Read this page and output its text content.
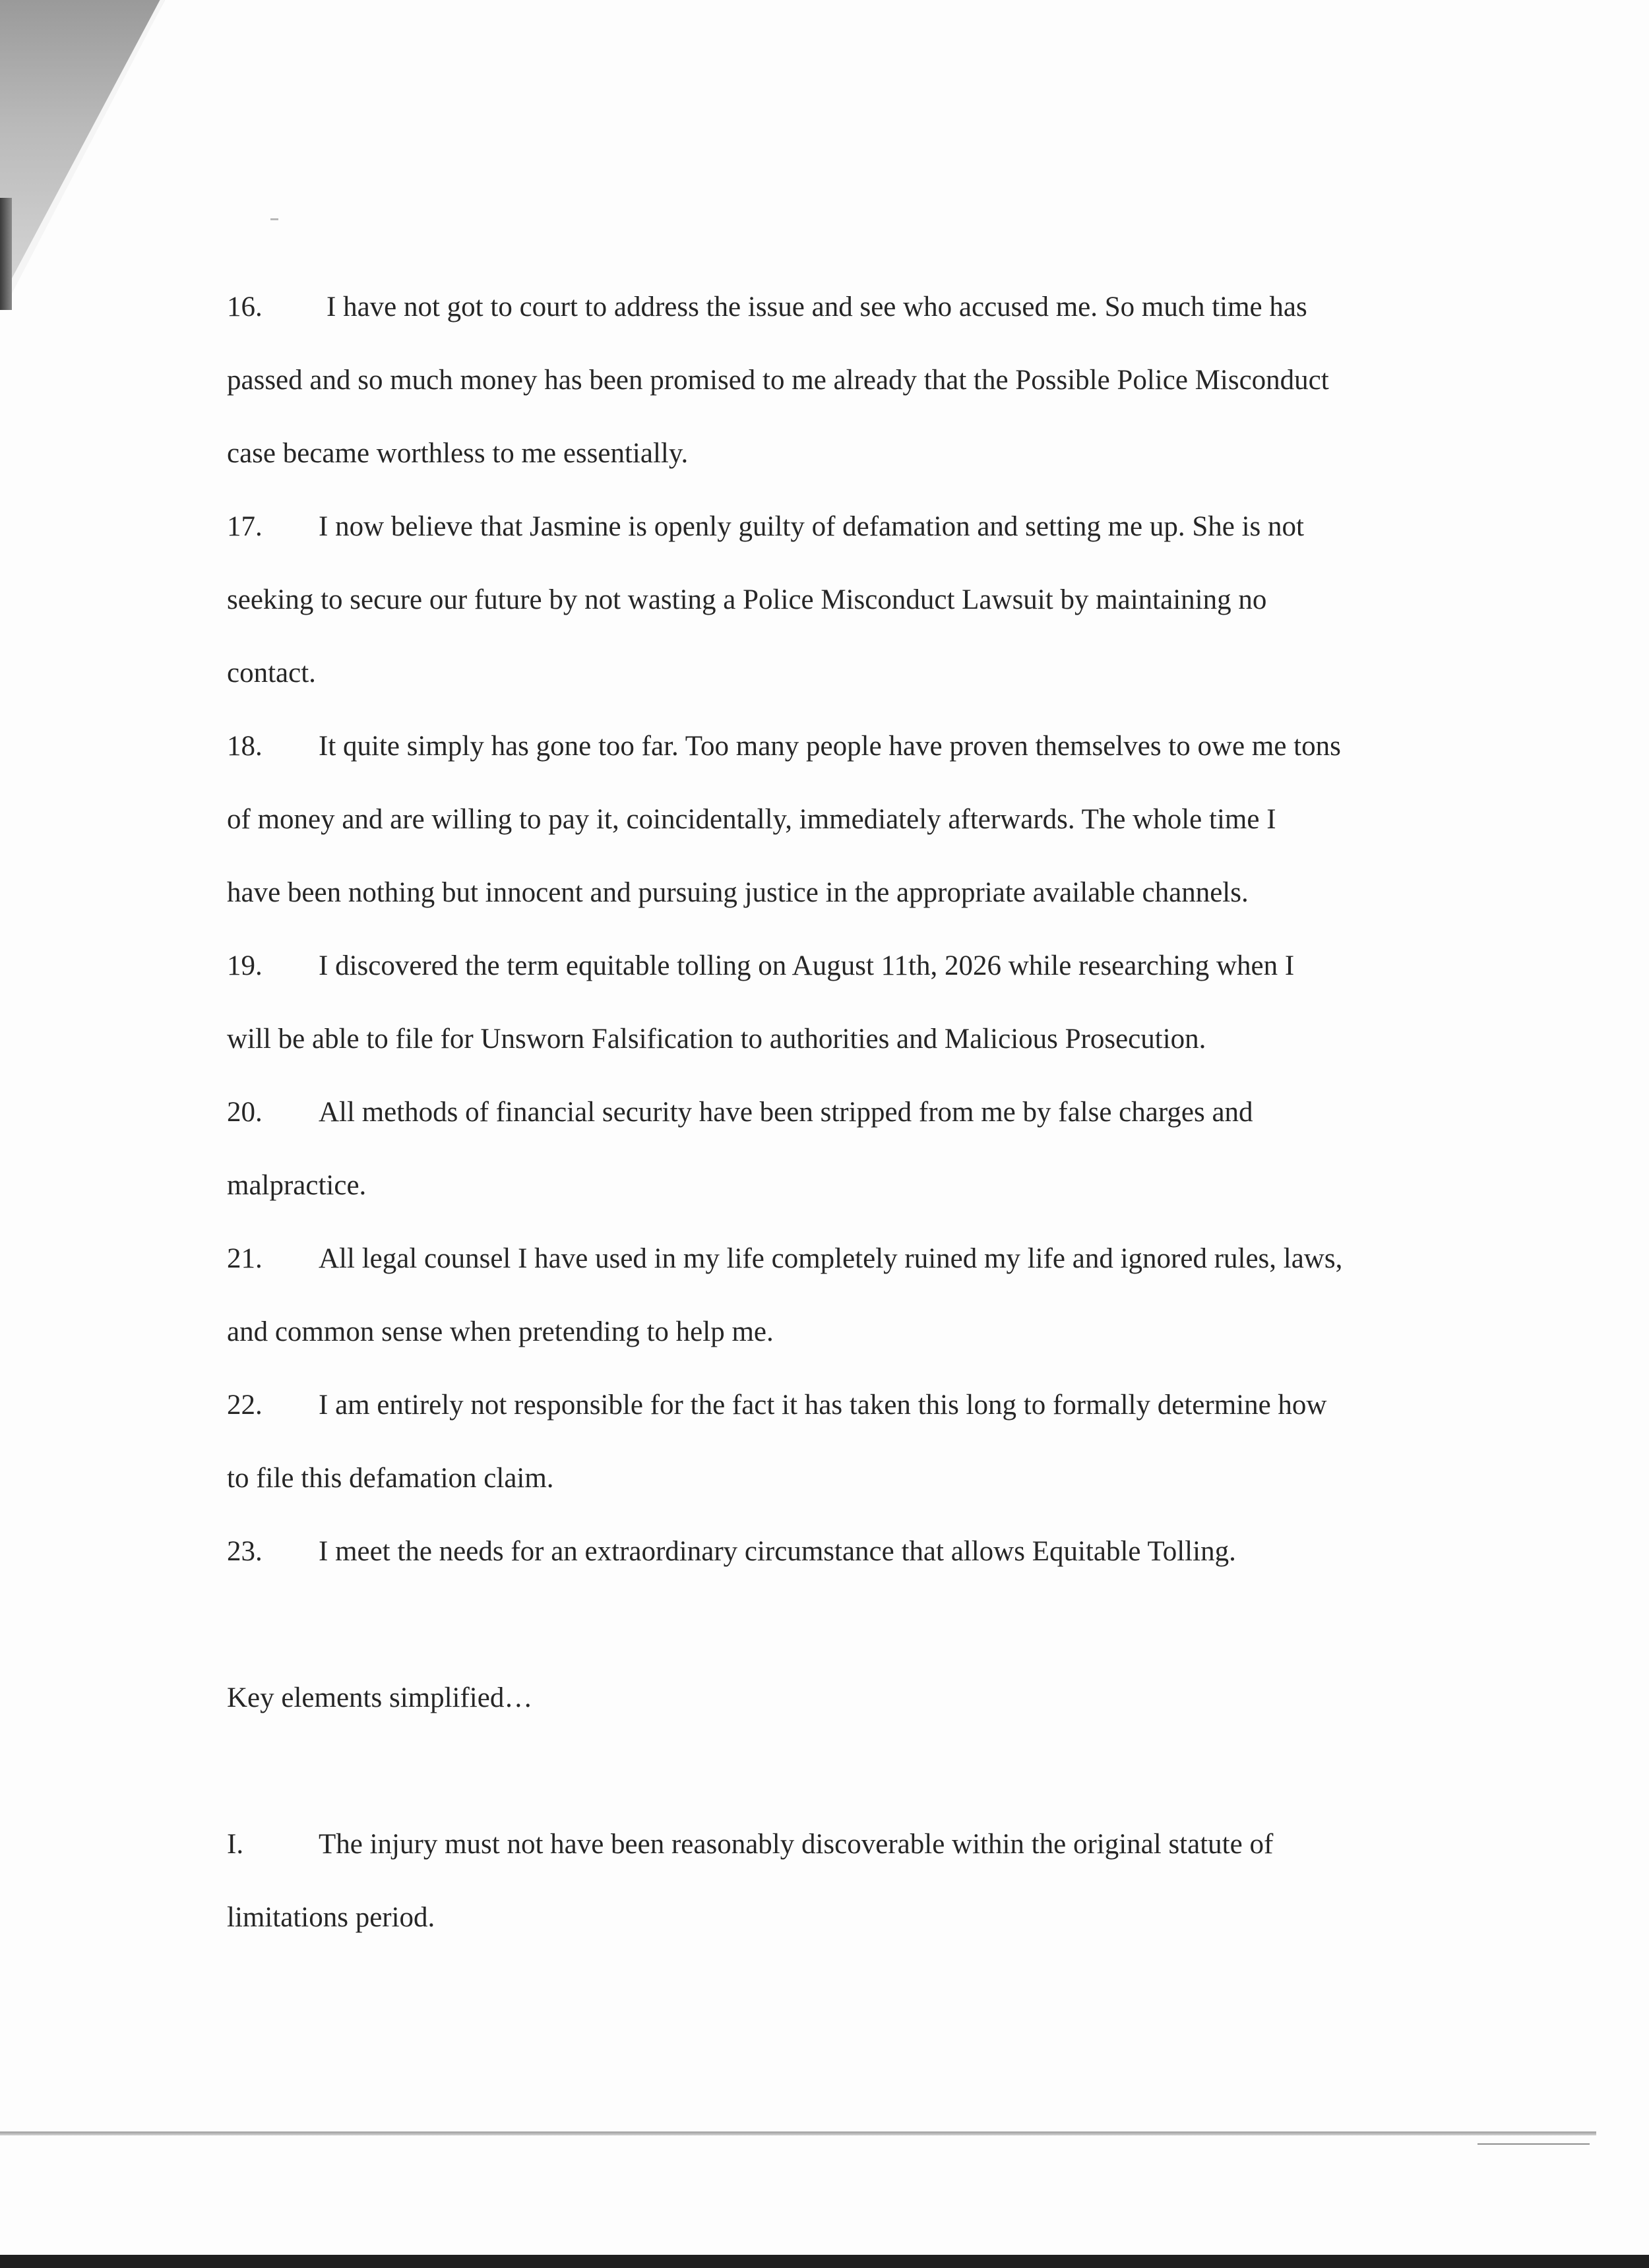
16. I have not got to court to address the issue and see who accused me. So much time has
passed and so much money has been promised to me already that the Possible Police Misconduct
case became worthless to me essentially.
17. I now believe that Jasmine is openly guilty of defamation and setting me up. She is not
seeking to secure our future by not wasting a Police Misconduct Lawsuit by maintaining no
contact.
18. It quite simply has gone too far. Too many people have proven themselves to owe me tons
of money and are willing to pay it, coincidentally, immediately afterwards. The whole time I
have been nothing but innocent and pursuing justice in the appropriate available channels.
19. I discovered the term equitable tolling on August 11th, 2026 while researching when I
will be able to file for Unsworn Falsification to authorities and Malicious Prosecution.
20. All methods of financial security have been stripped from me by false charges and
malpractice.
21. All legal counsel I have used in my life completely ruined my life and ignored rules, laws,
and common sense when pretending to help me.
22. I am entirely not responsible for the fact it has taken this long to formally determine how
to file this defamation claim.
23. I meet the needs for an extraordinary circumstance that allows Equitable Tolling.
Key elements simplified…
I.	The injury must not have been reasonably discoverable within the original statute of
limitations period.
